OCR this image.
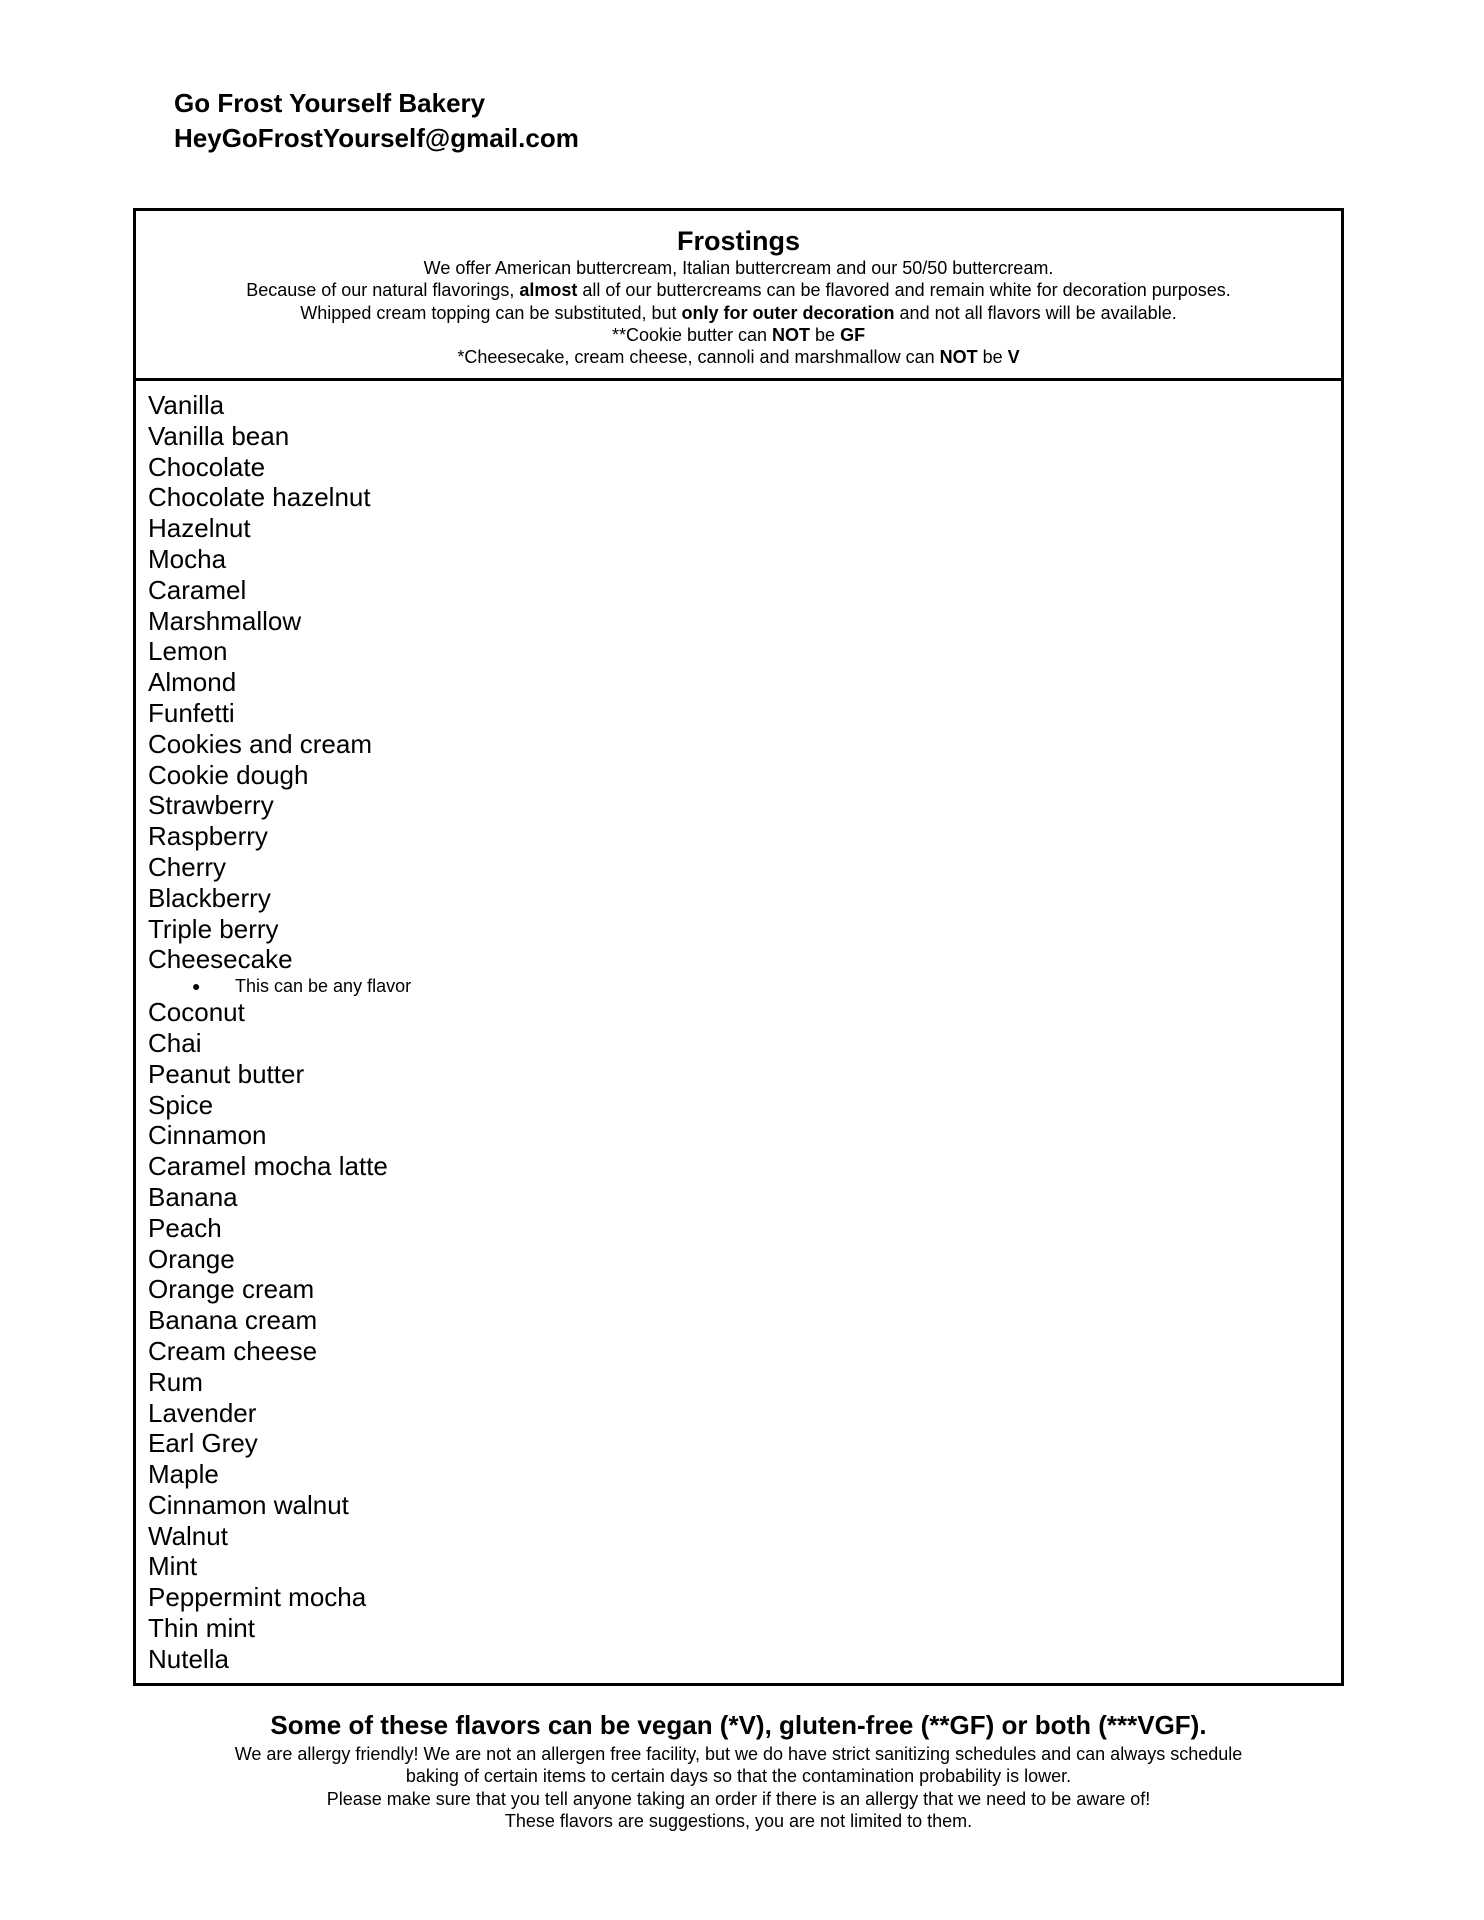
Go Frost Yourself Bakery
HeyGoFrostYourself@gmail.com
Frostings
We offer American buttercream, Italian buttercream and our 50/50 buttercream.
Because of our natural flavorings, almost all of our buttercreams can be flavored and remain white for decoration purposes.
Whipped cream topping can be substituted, but only for outer decoration and not all flavors will be available.
**Cookie butter can NOT be GF
*Cheesecake, cream cheese, cannoli and marshmallow can NOT be V
Vanilla
Vanilla bean
Chocolate
Chocolate hazelnut
Hazelnut
Mocha
Caramel
Marshmallow
Lemon
Almond
Funfetti
Cookies and cream
Cookie dough
Strawberry
Raspberry
Cherry
Blackberry
Triple berry
Cheesecake
● This can be any flavor
Coconut
Chai
Peanut butter
Spice
Cinnamon
Caramel mocha latte
Banana
Peach
Orange
Orange cream
Banana cream
Cream cheese
Rum
Lavender
Earl Grey
Maple
Cinnamon walnut
Walnut
Mint
Peppermint mocha
Thin mint
Nutella
Some of these flavors can be vegan (*V), gluten-free (**GF) or both (***VGF).
We are allergy friendly! We are not an allergen free facility, but we do have strict sanitizing schedules and can always schedule
baking of certain items to certain days so that the contamination probability is lower.
Please make sure that you tell anyone taking an order if there is an allergy that we need to be aware of!
These flavors are suggestions, you are not limited to them.
